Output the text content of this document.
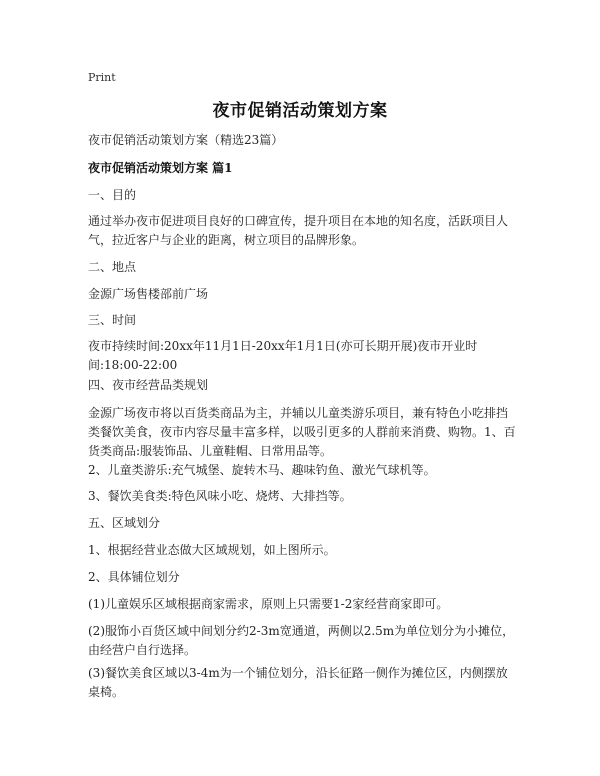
Print
夜市促销活动策划方案

夜市促销活动策划方案（精选23篇）

夜市促销活动策划方案 篇1

一、目的

通过举办夜市促进项目良好的口碑宣传，提升项目在本地的知名度，活跃项目人气，拉近客户与企业的距离，树立项目的品牌形象。

二、地点

金源广场售楼部前广场

三、时间

夜市持续时间:20xx年11月1日-20xx年1月1日(亦可长期开展)夜市开业时间:18:00-22:00

四、夜市经营品类规划

金源广场夜市将以百货类商品为主，并辅以儿童类游乐项目，兼有特色小吃排挡类餐饮美食，夜市内容尽量丰富多样，以吸引更多的人群前来消费、购物。1、百货类商品:服装饰品、儿童鞋帽、日常用品等。

2、儿童类游乐:充气城堡、旋转木马、趣味钓鱼、激光气球机等。

3、餐饮美食类:特色风味小吃、烧烤、大排挡等。

五、区域划分

1、根据经营业态做大区域规划，如上图所示。

2、具体铺位划分

(1)儿童娱乐区域根据商家需求，原则上只需要1-2家经营商家即可。

(2)服饰小百货区域中间划分约2-3m宽通道，两侧以2.5m为单位划分为小摊位，由经营户自行选择。

(3)餐饮美食区域以3-4m为一个铺位划分，沿长征路一侧作为摊位区，内侧摆放桌椅。
